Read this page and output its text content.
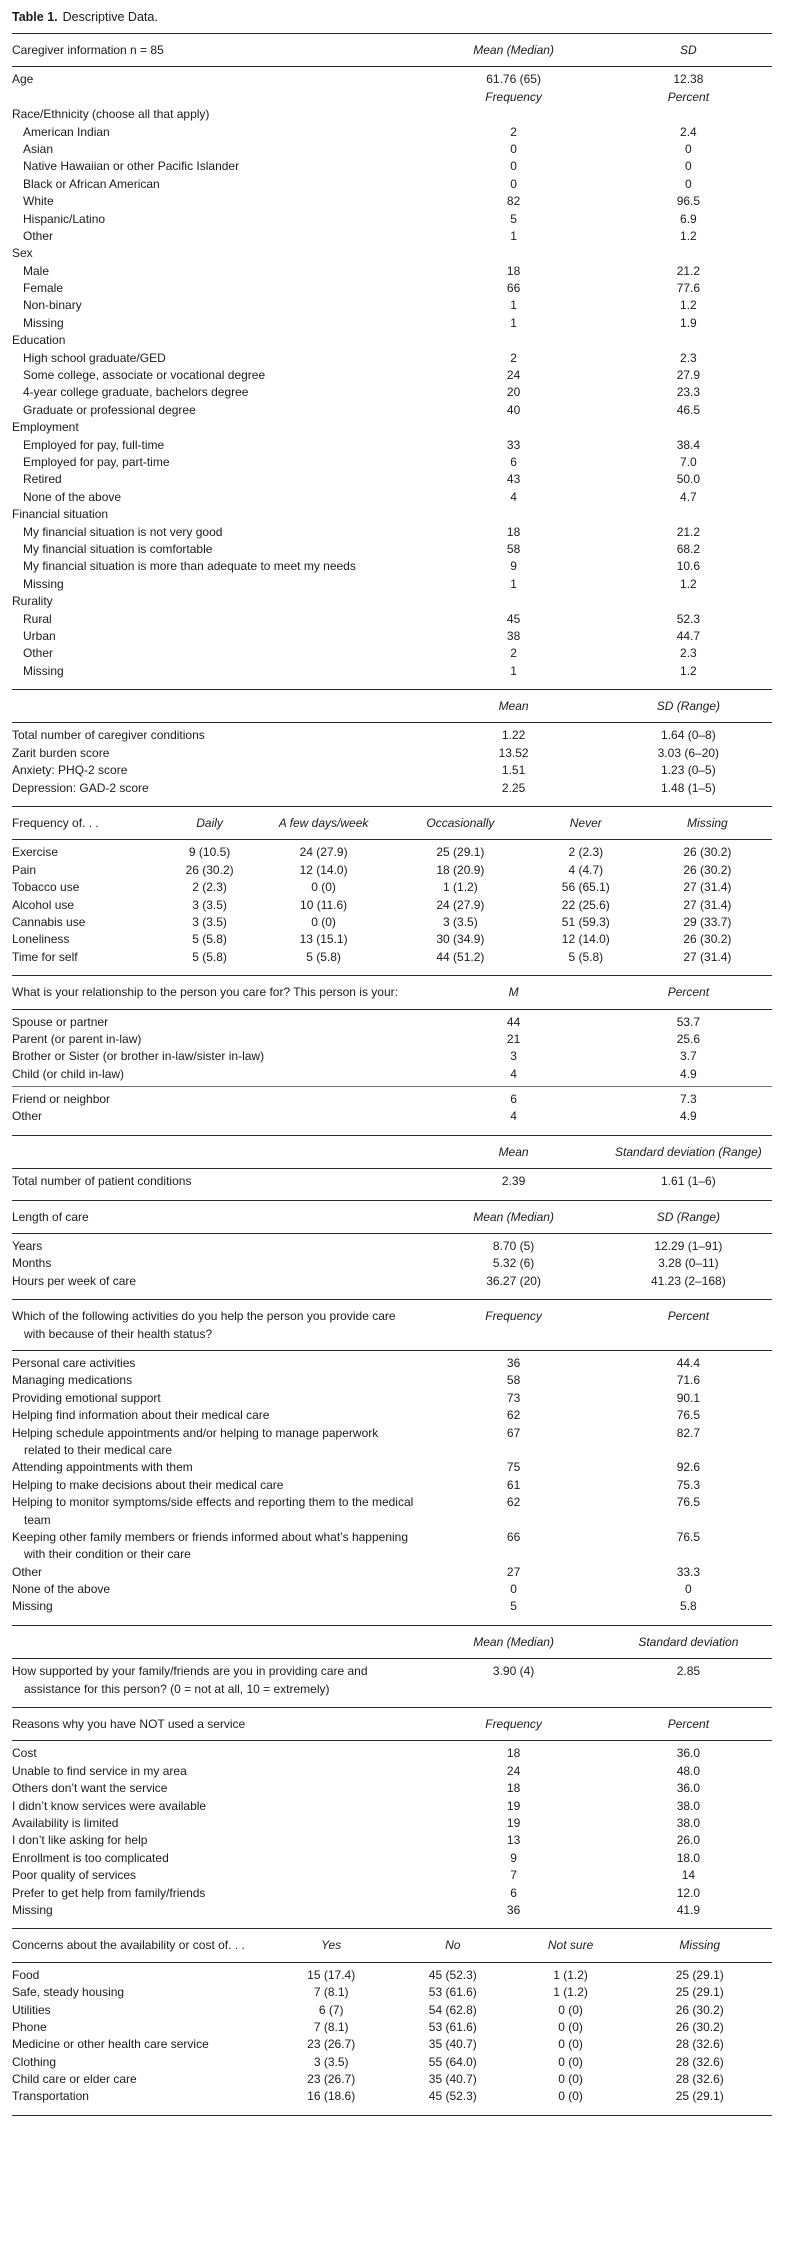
Table 1. Descriptive Data.
Caregiver information n = 85	Mean (Median)	SD
Age	61.76 (65)	12.38
Frequency	Percent
Race/Ethnicity (choose all that apply)
American Indian	2	2.4
Asian	0	0
Native Hawaiian or other Pacific Islander	0	0
Black or African American	0	0
White	82	96.5
Hispanic/Latino	5	6.9
Other	1	1.2
Sex
Male	18	21.2
Female	66	77.6
Non-binary	1	1.2
Missing	1	1.9
Education
High school graduate/GED	2	2.3
Some college, associate or vocational degree	24	27.9
4-year college graduate, bachelors degree	20	23.3
Graduate or professional degree	40	46.5
Employment
Employed for pay, full-time	33	38.4
Employed for pay, part-time	6	7.0
Retired	43	50.0
None of the above	4	4.7
Financial situation
My financial situation is not very good	18	21.2
My financial situation is comfortable	58	68.2
My financial situation is more than adequate to meet my needs	9	10.6
Missing	1	1.2
Rurality
Rural	45	52.3
Urban	38	44.7
Other	2	2.3
Missing	1	1.2
Mean	SD (Range)
Total number of caregiver conditions	1.22	1.64 (0–8)
Zarit burden score	13.52	3.03 (6–20)
Anxiety: PHQ-2 score	1.51	1.23 (0–5)
Depression: GAD-2 score	2.25	1.48 (1–5)
Frequency of. . .	Daily	A few days/week	Occasionally	Never	Missing
Exercise	9 (10.5)	24 (27.9)	25 (29.1)	2 (2.3)	26 (30.2)
Pain	26 (30.2)	12 (14.0)	18 (20.9)	4 (4.7)	26 (30.2)
Tobacco use	2 (2.3)	0 (0)	1 (1.2)	56 (65.1)	27 (31.4)
Alcohol use	3 (3.5)	10 (11.6)	24 (27.9)	22 (25.6)	27 (31.4)
Cannabis use	3 (3.5)	0 (0)	3 (3.5)	51 (59.3)	29 (33.7)
Loneliness	5 (5.8)	13 (15.1)	30 (34.9)	12 (14.0)	26 (30.2)
Time for self	5 (5.8)	5 (5.8)	44 (51.2)	5 (5.8)	27 (31.4)
What is your relationship to the person you care for? This person is your:	M	Percent
Spouse or partner	44	53.7
Parent (or parent in-law)	21	25.6
Brother or Sister (or brother in-law/sister in-law)	3	3.7
Child (or child in-law)	4	4.9
Friend or neighbor	6	7.3
Other	4	4.9
Mean	Standard deviation (Range)
Total number of patient conditions	2.39	1.61 (1–6)
Length of care	Mean (Median)	SD (Range)
Years	8.70 (5)	12.29 (1–91)
Months	5.32 (6)	3.28 (0–11)
Hours per week of care	36.27 (20)	41.23 (2–168)
Which of the following activities do you help the person you provide care with because of their health status?
Frequency	Percent
Personal care activities	36	44.4
Managing medications	58	71.6
Providing emotional support	73	90.1
Helping find information about their medical care	62	76.5
Helping schedule appointments and/or helping to manage paperwork related to their medical care
67	82.7
Attending appointments with them	75	92.6
Helping to make decisions about their medical care	61	75.3
Helping to monitor symptoms/side effects and reporting them to the medical team
62	76.5
Keeping other family members or friends informed about what’s happening with their condition or their care
66	76.5
Other	27	33.3
None of the above	0	0
Missing	5	5.8
Mean (Median)	Standard deviation
How supported by your family/friends are you in providing care and assistance for this person? (0 = not at all, 10 = extremely)
3.90 (4)	2.85
Reasons why you have NOT used a service	Frequency	Percent
Cost	18	36.0
Unable to find service in my area	24	48.0
Others don’t want the service	18	36.0
I didn’t know services were available	19	38.0
Availability is limited	19	38.0
I don’t like asking for help	13	26.0
Enrollment is too complicated	9	18.0
Poor quality of services	7	14
Prefer to get help from family/friends	6	12.0
Missing	36	41.9
Concerns about the availability or cost of. . .	Yes	No	Not sure	Missing
Food	15 (17.4)	45 (52.3)	1 (1.2)	25 (29.1)
Safe, steady housing	7 (8.1)	53 (61.6)	1 (1.2)	25 (29.1)
Utilities	6 (7)	54 (62.8)	0 (0)	26 (30.2)
Phone	7 (8.1)	53 (61.6)	0 (0)	26 (30.2)
Medicine or other health care service	23 (26.7)	35 (40.7)	0 (0)	28 (32.6)
Clothing	3 (3.5)	55 (64.0)	0 (0)	28 (32.6)
Child care or elder care	23 (26.7)	35 (40.7)	0 (0)	28 (32.6)
Transportation	16 (18.6)	45 (52.3)	0 (0)	25 (29.1)
